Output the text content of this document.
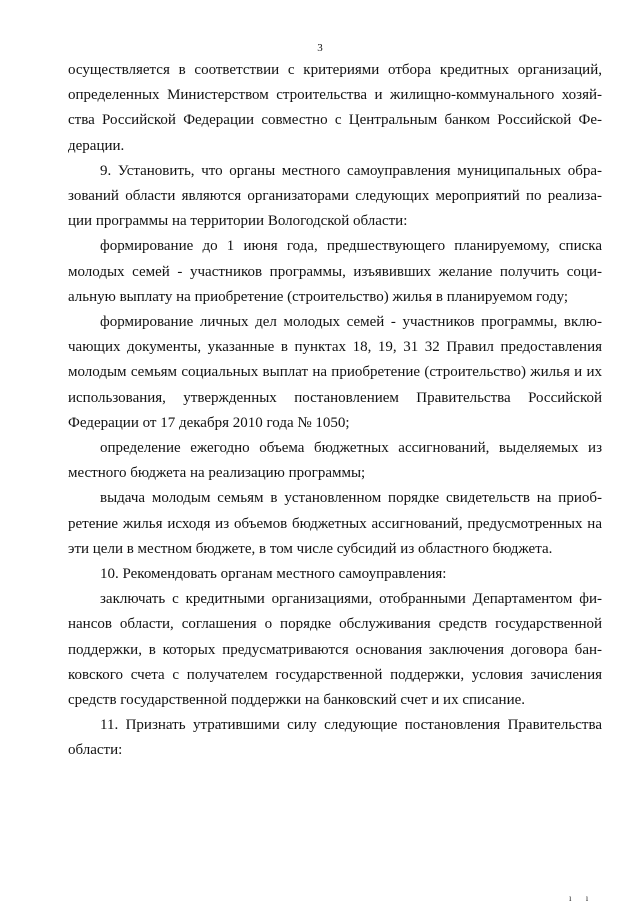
3

осуществляется в соответствии с критериями отбора кредитных организаций, определенных Министерством строительства и жилищно-коммунального хозяйства Российской Федерации совместно с Центральным банком Российской Федерации.

9. Установить, что органы местного самоуправления муниципальных образований области являются организаторами следующих мероприятий по реализации программы на территории Вологодской области:

формирование до 1 июня года, предшествующего планируемому, списка молодых семей - участников программы, изъявивших желание получить социальную выплату на приобретение (строительство) жилья в планируемом году;

формирование личных дел молодых семей - участников программы, включающих документы, указанные в пунктах 18, 19, 31 32 Правил предоставления молодым семьям социальных выплат на приобретение (строительство) жилья и их использования, утвержденных постановлением Правительства Российской Федерации от 17 декабря 2010 года № 1050;

определение ежегодно объема бюджетных ассигнований, выделяемых из местного бюджета на реализацию программы;

выдача молодым семьям в установленном порядке свидетельств на приобретение жилья исходя из объемов бюджетных ассигнований, предусмотренных на эти цели в местном бюджете, в том числе субсидий из областного бюджета.

10. Рекомендовать органам местного самоуправления:

заключать с кредитными организациями, отобранными Департаментом финансов области, соглашения о порядке обслуживания средств государственной поддержки, в которых предусматриваются основания заключения договора банковского счета с получателем государственной поддержки, условия зачисления средств государственной поддержки на банковский счет и их списание.

11. Признать утратившими силу следующие постановления Правительства области:

ı ı
